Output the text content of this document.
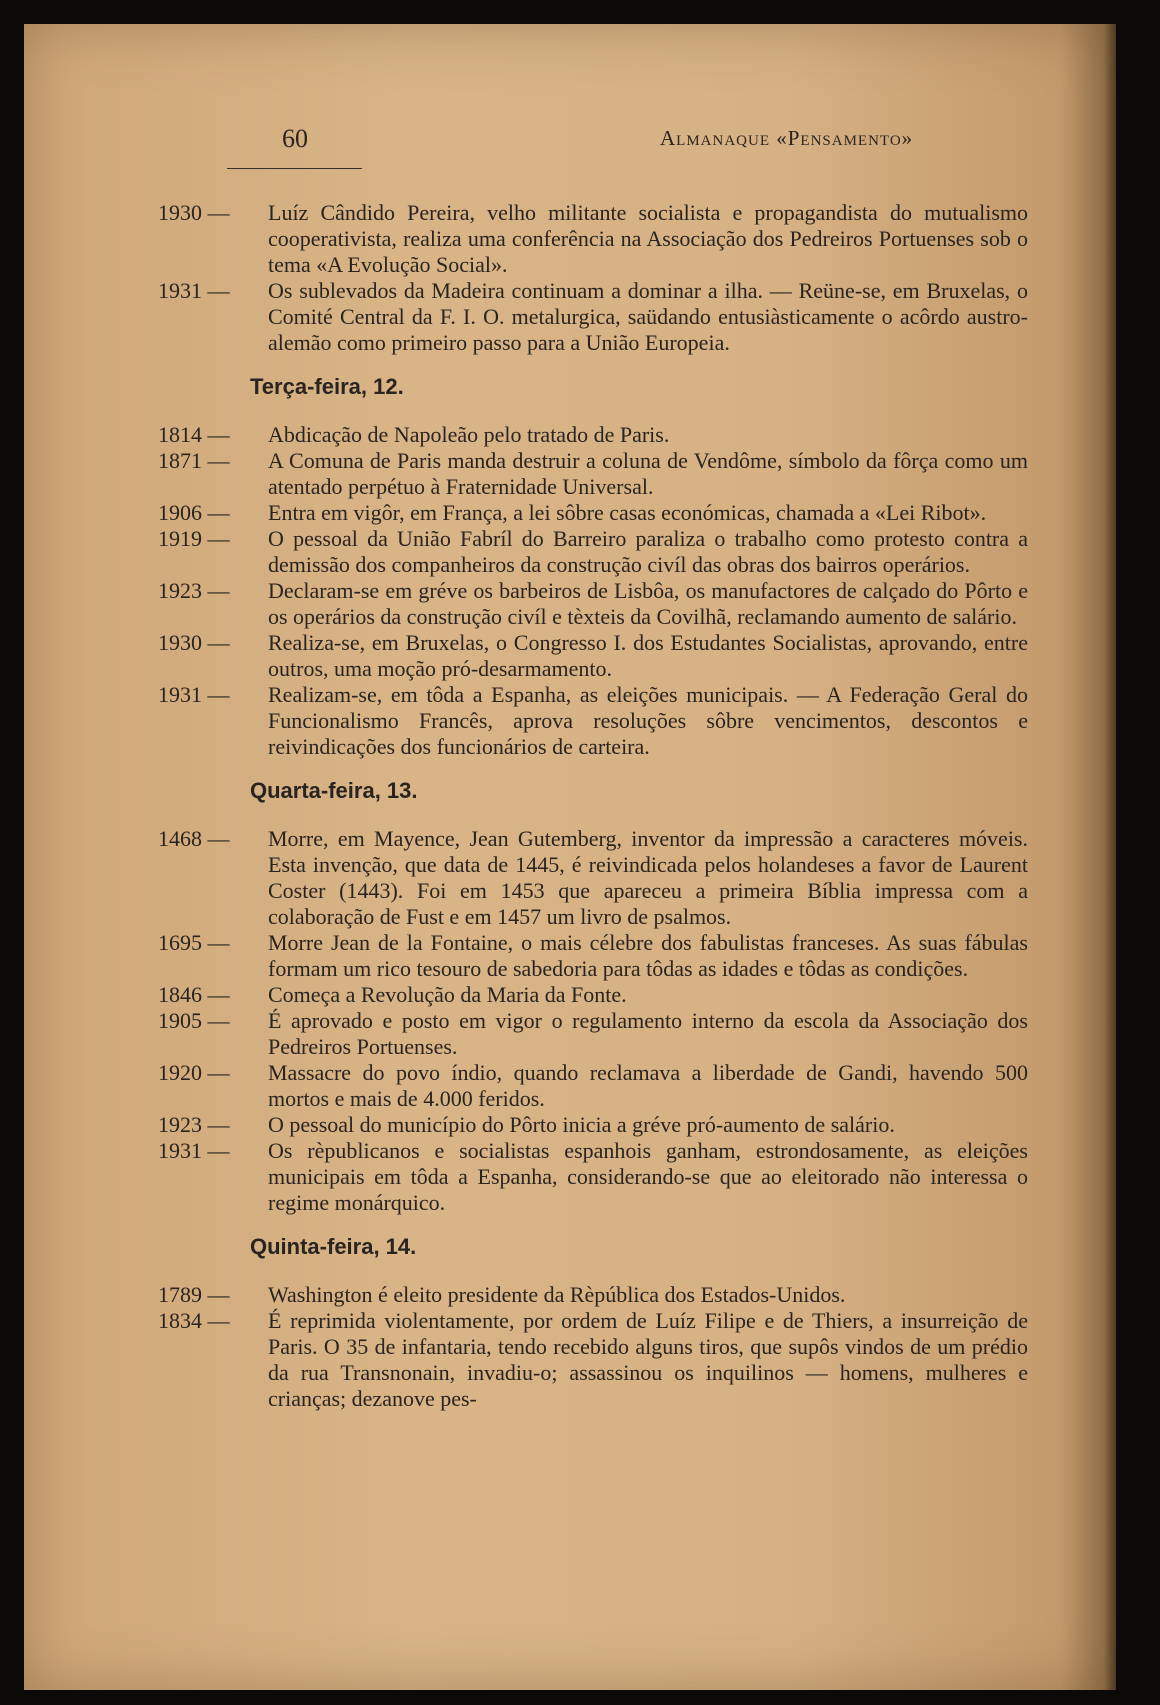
60	Almanaque «Pensamento»

1930 —	Luíz Cândido Pereira, velho militante socialista e propagandista do mutualismo cooperativista, realiza uma conferência na Associação dos Pedreiros Portuenses sob o tema «A Evolução Social».

1931 —	Os sublevados da Madeira continuam a dominar a ilha. — Reüne-se, em Bruxelas, o Comité Central da F. I. O. metalurgica, saüdando entusiàsticamente o acôrdo austro-alemão como primeiro passo para a União Europeia.

Terça-feira, 12.

1814 —	Abdicação de Napoleão pelo tratado de Paris.

1871 —	A Comuna de Paris manda destruir a coluna de Vendôme, símbolo da fôrça como um atentado perpétuo à Fraternidade Universal.

1906 —	Entra em vigôr, em França, a lei sôbre casas económicas, chamada a «Lei Ribot».

1919 —	O pessoal da União Fabríl do Barreiro paraliza o trabalho como protesto contra a demissão dos companheiros da construção civíl das obras dos bairros operários.

1923 —	Declaram-se em gréve os barbeiros de Lisbôa, os manufactores de calçado do Pôrto e os operários da construção civíl e tèxteis da Covilhã, reclamando aumento de salário.

1930 —	Realiza-se, em Bruxelas, o Congresso I. dos Estudantes Socialistas, aprovando, entre outros, uma moção pró-desarmamento.

1931 —	Realizam-se, em tôda a Espanha, as eleições municipais. — A Federação Geral do Funcionalismo Francês, aprova resoluções sôbre vencimentos, descontos e reivindicações dos funcionários de carteira.

Quarta-feira, 13.

1468 —	Morre, em Mayence, Jean Gutemberg, inventor da impressão a caracteres móveis. Esta invenção, que data de 1445, é reivindicada pelos holandeses a favor de Laurent Coster (1443). Foi em 1453 que apareceu a primeira Bíblia impressa com a colaboração de Fust e em 1457 um livro de psalmos.

1695 —	Morre Jean de la Fontaine, o mais célebre dos fabulistas franceses. As suas fábulas formam um rico tesouro de sabedoria para tôdas as idades e tôdas as condições.

1846 —	Começa a Revolução da Maria da Fonte.

1905 —	É aprovado e posto em vigor o regulamento interno da escola da Associação dos Pedreiros Portuenses.

1920 —	Massacre do povo índio, quando reclamava a liberdade de Gandi, havendo 500 mortos e mais de 4.000 feridos.

1923 —	O pessoal do município do Pôrto inicia a gréve pró-aumento de salário.

1931 —	Os rèpublicanos e socialistas espanhois ganham, estrondosamente, as eleições municipais em tôda a Espanha, considerando-se que ao eleitorado não interessa o regime monárquico.

Quinta-feira, 14.

1789 —	Washington é eleito presidente da Rèpública dos Estados-Unidos.

1834 —	É reprimida violentamente, por ordem de Luíz Filipe e de Thiers, a insurreição de Paris. O 35 de infantaria, tendo recebido alguns tiros, que supôs vindos de um prédio da rua Transnonain, invadiu-o; assassinou os inquilinos — homens, mulheres e crianças; dezanove pes-
